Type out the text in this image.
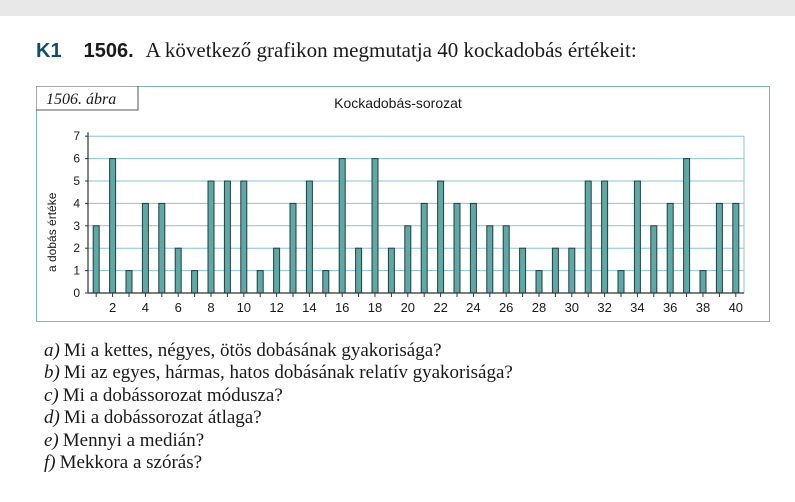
K1 1506. A következő grafikon megmutatja 40 kockadobás értékeit:
1506. ábra	Kockadobás-sorozat
a dobás értéke
0
1
2
3
4
5
6
7
2 4 6 8 10 12 14 16 18 20 22 24 26 28 30 32 34 36 38 40
a) Mi a kettes, négyes, ötös dobásának gyakorisága?
b) Mi az egyes, hármas, hatos dobásának relatív gyakorisága?
c) Mi a dobássorozat módusza?
d) Mi a dobássorozat átlaga?
e) Mennyi a medián?
f) Mekkora a szórás?
